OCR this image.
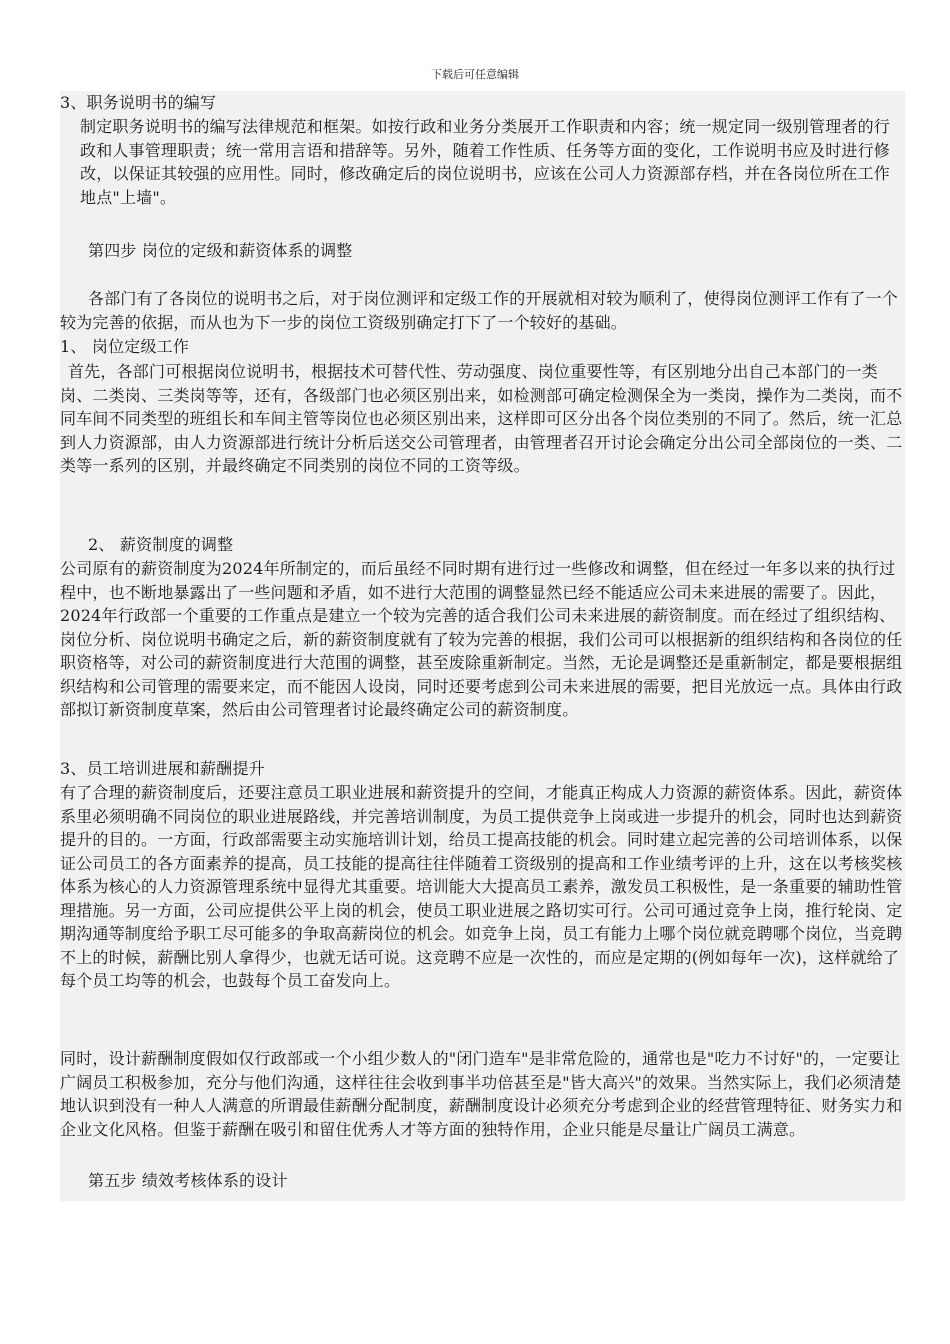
下载后可任意编辑
3、职务说明书的编写
制定职务说明书的编写法律规范和框架。如按行政和业务分类展开工作职责和内容；统一规定同一级别管理者的行政和人事管理职责；统一常用言语和措辞等。另外，随着工作性质、任务等方面的变化，工作说明书应及时进行修改，以保证其较强的应用性。同时，修改确定后的岗位说明书，应该在公司人力资源部存档，并在各岗位所在工作地点"上墙"。
第四步 岗位的定级和薪资体系的调整
各部门有了各岗位的说明书之后，对于岗位测评和定级工作的开展就相对较为顺利了，使得岗位测评工作有了一个较为完善的依据，而从也为下一步的岗位工资级别确定打下了一个较好的基础。
1、 岗位定级工作
首先，各部门可根据岗位说明书，根据技术可替代性、劳动强度、岗位重要性等，有区别地分出自己本部门的一类岗、二类岗、三类岗等等，还有，各级部门也必须区别出来，如检测部可确定检测保全为一类岗，操作为二类岗，而不同车间不同类型的班组长和车间主管等岗位也必须区别出来，这样即可区分出各个岗位类别的不同了。然后，统一汇总到人力资源部，由人力资源部进行统计分析后送交公司管理者，由管理者召开讨论会确定分出公司全部岗位的一类、二类等一系列的区别，并最终确定不同类别的岗位不同的工资等级。
2、 薪资制度的调整
公司原有的薪资制度为2024年所制定的，而后虽经不同时期有进行过一些修改和调整，但在经过一年多以来的执行过程中，也不断地暴露出了一些问题和矛盾，如不进行大范围的调整显然已经不能适应公司未来进展的需要了。因此，2024年行政部一个重要的工作重点是建立一个较为完善的适合我们公司未来进展的薪资制度。而在经过了组织结构、岗位分析、岗位说明书确定之后，新的薪资制度就有了较为完善的根据，我们公司可以根据新的组织结构和各岗位的任职资格等，对公司的薪资制度进行大范围的调整，甚至废除重新制定。当然，无论是调整还是重新制定，都是要根据组织结构和公司管理的需要来定，而不能因人设岗，同时还要考虑到公司未来进展的需要，把目光放远一点。具体由行政部拟订新资制度草案，然后由公司管理者讨论最终确定公司的薪资制度。
3、员工培训进展和薪酬提升
有了合理的薪资制度后，还要注意员工职业进展和薪资提升的空间，才能真正构成人力资源的薪资体系。因此，薪资体系里必须明确不同岗位的职业进展路线，并完善培训制度，为员工提供竞争上岗或进一步提升的机会，同时也达到薪资提升的目的。一方面，行政部需要主动实施培训计划，给员工提高技能的机会。同时建立起完善的公司培训体系，以保证公司员工的各方面素养的提高，员工技能的提高往往伴随着工资级别的提高和工作业绩考评的上升，这在以考核奖核体系为核心的人力资源管理系统中显得尤其重要。培训能大大提高员工素养，激发员工积极性，是一条重要的辅助性管理措施。另一方面，公司应提供公平上岗的机会，使员工职业进展之路切实可行。公司可通过竞争上岗，推行轮岗、定期沟通等制度给予职工尽可能多的争取高薪岗位的机会。如竞争上岗，员工有能力上哪个岗位就竞聘哪个岗位，当竞聘不上的时候，薪酬比别人拿得少，也就无话可说。这竞聘不应是一次性的，而应是定期的(例如每年一次)，这样就给了每个员工均等的机会，也鼓每个员工奋发向上。
同时，设计薪酬制度假如仅行政部或一个小组少数人的"闭门造车"是非常危险的，通常也是"吃力不讨好"的，一定要让广阔员工积极参加，充分与他们沟通，这样往往会收到事半功倍甚至是"皆大高兴"的效果。当然实际上，我们必须清楚地认识到没有一种人人满意的所谓最佳薪酬分配制度，薪酬制度设计必须充分考虑到企业的经营管理特征、财务实力和企业文化风格。但鉴于薪酬在吸引和留住优秀人才等方面的独特作用，企业只能是尽量让广阔员工满意。
第五步 绩效考核体系的设计
